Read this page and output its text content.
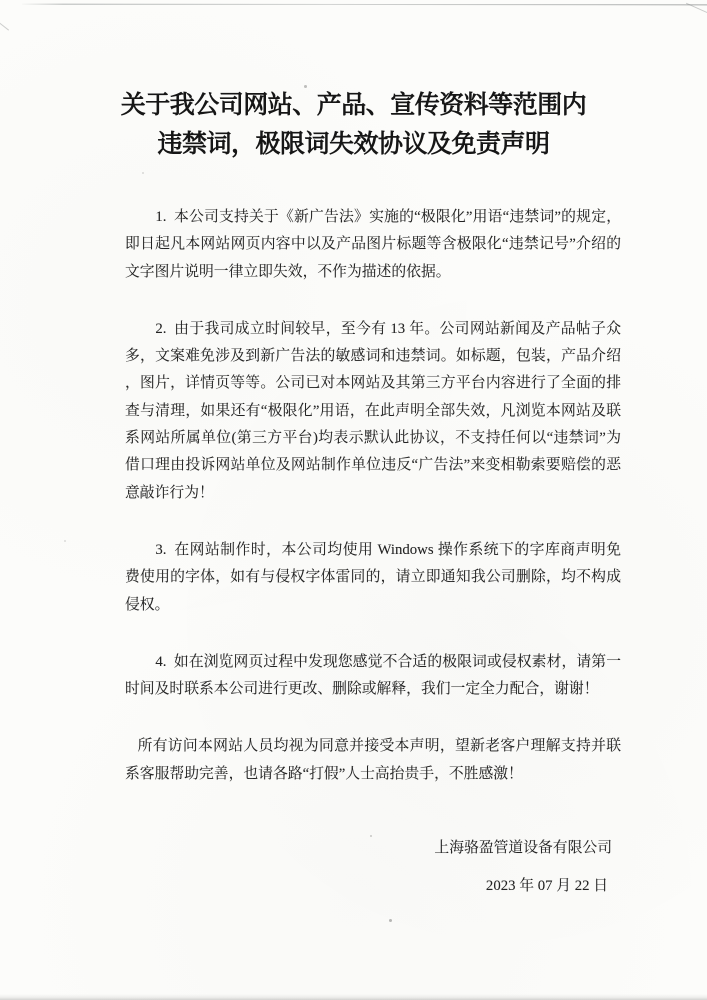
关于我公司网站、产品、宣传资料等范围内
违禁词，极限词失效协议及免责声明

1. 本公司支持关于《新广告法》实施的“极限化”用语“违禁词”的规定，即日起凡本网站网页内容中以及产品图片标题等含极限化“违禁记号”介绍的文字图片说明一律立即失效，不作为描述的依据。

2. 由于我司成立时间较早，至今有 13 年。公司网站新闻及产品帖子众多，文案难免涉及到新广告法的敏感词和违禁词。如标题，包装，产品介绍 ，图片，详情页等等。公司已对本网站及其第三方平台内容进行了全面的排查与清理，如果还有“极限化”用语，在此声明全部失效，凡浏览本网站及联系网站所属单位(第三方平台)均表示默认此协议，不支持任何以“违禁词”为借口理由投诉网站单位及网站制作单位违反“广告法”来变相勒索要赔偿的恶意敲诈行为！

3. 在网站制作时，本公司均使用 Windows 操作系统下的字库商声明免费使用的字体，如有与侵权字体雷同的，请立即通知我公司删除，均不构成侵权。

4. 如在浏览网页过程中发现您感觉不合适的极限词或侵权素材，请第一时间及时联系本公司进行更改、删除或解释，我们一定全力配合，谢谢！

所有访问本网站人员均视为同意并接受本声明，望新老客户理解支持并联系客服帮助完善，也请各路“打假”人士高抬贵手，不胜感激！

上海骆盈管道设备有限公司
2023 年 07 月 22 日
